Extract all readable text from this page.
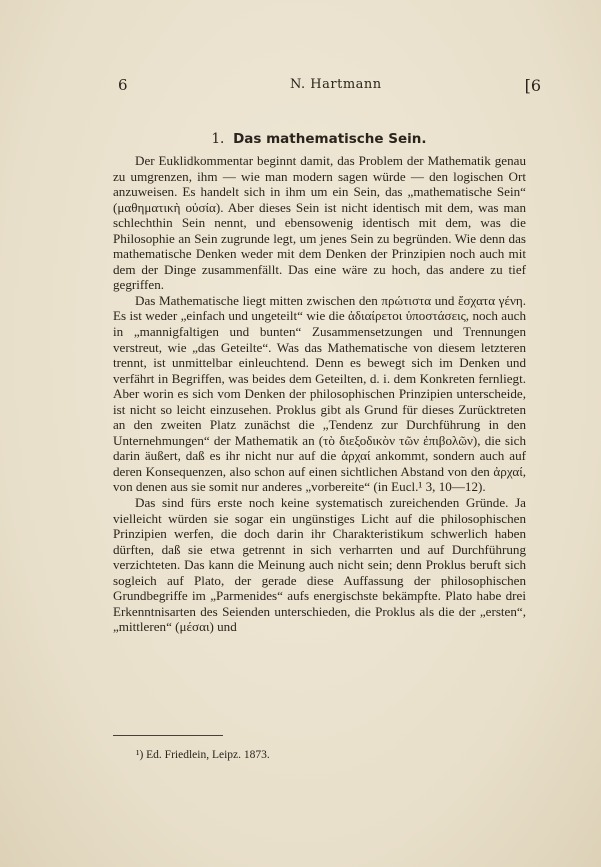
6	N. Hartmann	[6
1. Das mathematische Sein.

Der Euklidkommentar beginnt damit, das Problem der Mathematik genau zu umgrenzen, ihm — wie man modern sagen würde — den logischen Ort anzuweisen. Es handelt sich in ihm um ein Sein, das „mathematische Sein“ (μαθηματικὴ οὐσία). Aber dieses Sein ist nicht identisch mit dem, was man schlechthin Sein nennt, und ebensowenig identisch mit dem, was die Philosophie an Sein zugrunde legt, um jenes Sein zu begründen. Wie denn das mathematische Denken weder mit dem Denken der Prinzipien noch auch mit dem der Dinge zusammenfällt. Das eine wäre zu hoch, das andere zu tief gegriffen.

Das Mathematische liegt mitten zwischen den πρώτιστα und ἔσχατα γένη. Es ist weder „einfach und ungeteilt“ wie die ἀδιαίρετοι ὑποστάσεις, noch auch in „mannigfaltigen und bunten“ Zusammensetzungen und Trennungen verstreut, wie „das Geteilte“. Was das Mathematische von diesem letzteren trennt, ist unmittelbar einleuchtend. Denn es bewegt sich im Denken und verfährt in Begriffen, was beides dem Geteilten, d. i. dem Konkreten fernliegt. Aber worin es sich vom Denken der philosophischen Prinzipien unterscheide, ist nicht so leicht einzusehen. Proklus gibt als Grund für dieses Zurücktreten an den zweiten Platz zunächst die „Tendenz zur Durchführung in den Unternehmungen“ der Mathematik an (τὸ διεξοδικὸν τῶν ἐπιβολῶν), die sich darin äußert, daß es ihr nicht nur auf die ἀρχαί ankommt, sondern auch auf deren Konsequenzen, also schon auf einen sichtlichen Abstand von den ἀρχαί, von denen aus sie somit nur anderes „vorbereite“ (in Eucl.¹ 3, 10—12).

Das sind fürs erste noch keine systematisch zureichenden Gründe. Ja vielleicht würden sie sogar ein ungünstiges Licht auf die philosophischen Prinzipien werfen, die doch darin ihr Charakteristikum schwerlich haben dürften, daß sie etwa getrennt in sich verharrten und auf Durchführung verzichteten. Das kann die Meinung auch nicht sein; denn Proklus beruft sich sogleich auf Plato, der gerade diese Auffassung der philosophischen Grundbegriffe im „Parmenides“ aufs energischste bekämpfte. Plato habe drei Erkenntnisarten des Seienden unterschieden, die Proklus als die der „ersten“, „mittleren“ (μέσαι) und

¹) Ed. Friedlein, Leipz. 1873.
